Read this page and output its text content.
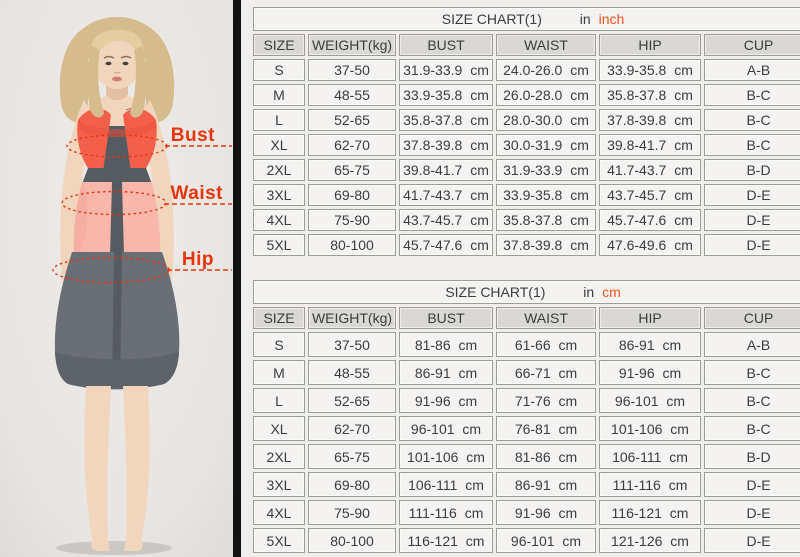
Bust
Waist
Hip
SIZE CHART(1) in inch					
SIZE	WEIGHT(kg)	BUST	WAIST	HIP	CUP
S	37-50	31.9-33.9 cm	24.0-26.0 cm	33.9-35.8 cm	A-B
M	48-55	33.9-35.8 cm	26.0-28.0 cm	35.8-37.8 cm	B-C
L	52-65	35.8-37.8 cm	28.0-30.0 cm	37.8-39.8 cm	B-C
XL	62-70	37.8-39.8 cm	30.0-31.9 cm	39.8-41.7 cm	B-C
2XL	65-75	39.8-41.7 cm	31.9-33.9 cm	41.7-43.7 cm	B-D
3XL	69-80	41.7-43.7 cm	33.9-35.8 cm	43.7-45.7 cm	D-E
4XL	75-90	43.7-45.7 cm	35.8-37.8 cm	45.7-47.6 cm	D-E
5XL	80-100	45.7-47.6 cm	37.8-39.8 cm	47.6-49.6 cm	D-E
SIZE CHART(1) in cm					
SIZE	WEIGHT(kg)	BUST	WAIST	HIP	CUP
S	37-50	81-86 cm	61-66 cm	86-91 cm	A-B
M	48-55	86-91 cm	66-71 cm	91-96 cm	B-C
L	52-65	91-96 cm	71-76 cm	96-101 cm	B-C
XL	62-70	96-101 cm	76-81 cm	101-106 cm	B-C
2XL	65-75	101-106 cm	81-86 cm	106-111 cm	B-D
3XL	69-80	106-111 cm	86-91 cm	111-116 cm	D-E
4XL	75-90	111-116 cm	91-96 cm	116-121 cm	D-E
5XL	80-100	116-121 cm	96-101 cm	121-126 cm	D-E
